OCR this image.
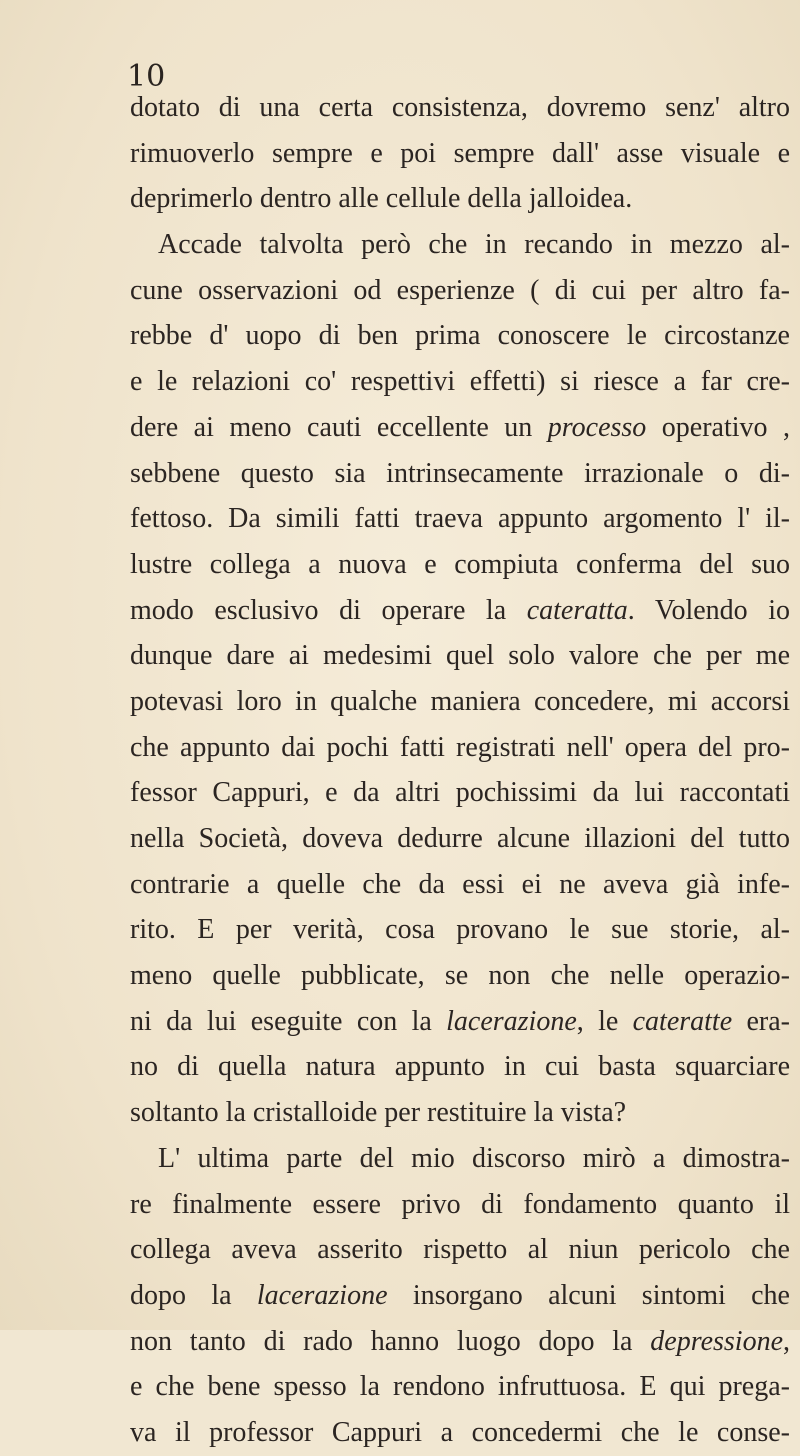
10
dotato di una certa consistenza, dovremo senz' altro
rimuoverlo sempre e poi sempre dall' asse visuale e
deprimerlo dentro alle cellule della jalloidea.
Accade talvolta però che in recando in mezzo al-
cune osservazioni od esperienze ( di cui per altro fa-
rebbe d' uopo di ben prima conoscere le circostanze
e le relazioni co' respettivi effetti) si riesce a far cre-
dere ai meno cauti eccellente un processo operativo ,
sebbene questo sia intrinsecamente irrazionale o di-
fettoso. Da simili fatti traeva appunto argomento l' il-
lustre collega a nuova e compiuta conferma del suo
modo esclusivo di operare la cateratta. Volendo io
dunque dare ai medesimi quel solo valore che per me
potevasi loro in qualche maniera concedere, mi accorsi
che appunto dai pochi fatti registrati nell' opera del pro-
fessor Cappuri, e da altri pochissimi da lui raccontati
nella Società, doveva dedurre alcune illazioni del tutto
contrarie a quelle che da essi ei ne aveva già infe-
rito. E per verità, cosa provano le sue storie, al-
meno quelle pubblicate, se non che nelle operazio-
ni da lui eseguite con la lacerazione, le cateratte era-
no di quella natura appunto in cui basta squarciare
soltanto la cristalloide per restituire la vista?
L' ultima parte del mio discorso mirò a dimostra-
re finalmente essere privo di fondamento quanto il
collega aveva asserito rispetto al niun pericolo che
dopo la lacerazione insorgano alcuni sintomi che
non tanto di rado hanno luogo dopo la depressione,
e che bene spesso la rendono infruttuosa. E qui prega-
va il professor Cappuri a concedermi che le conse-
